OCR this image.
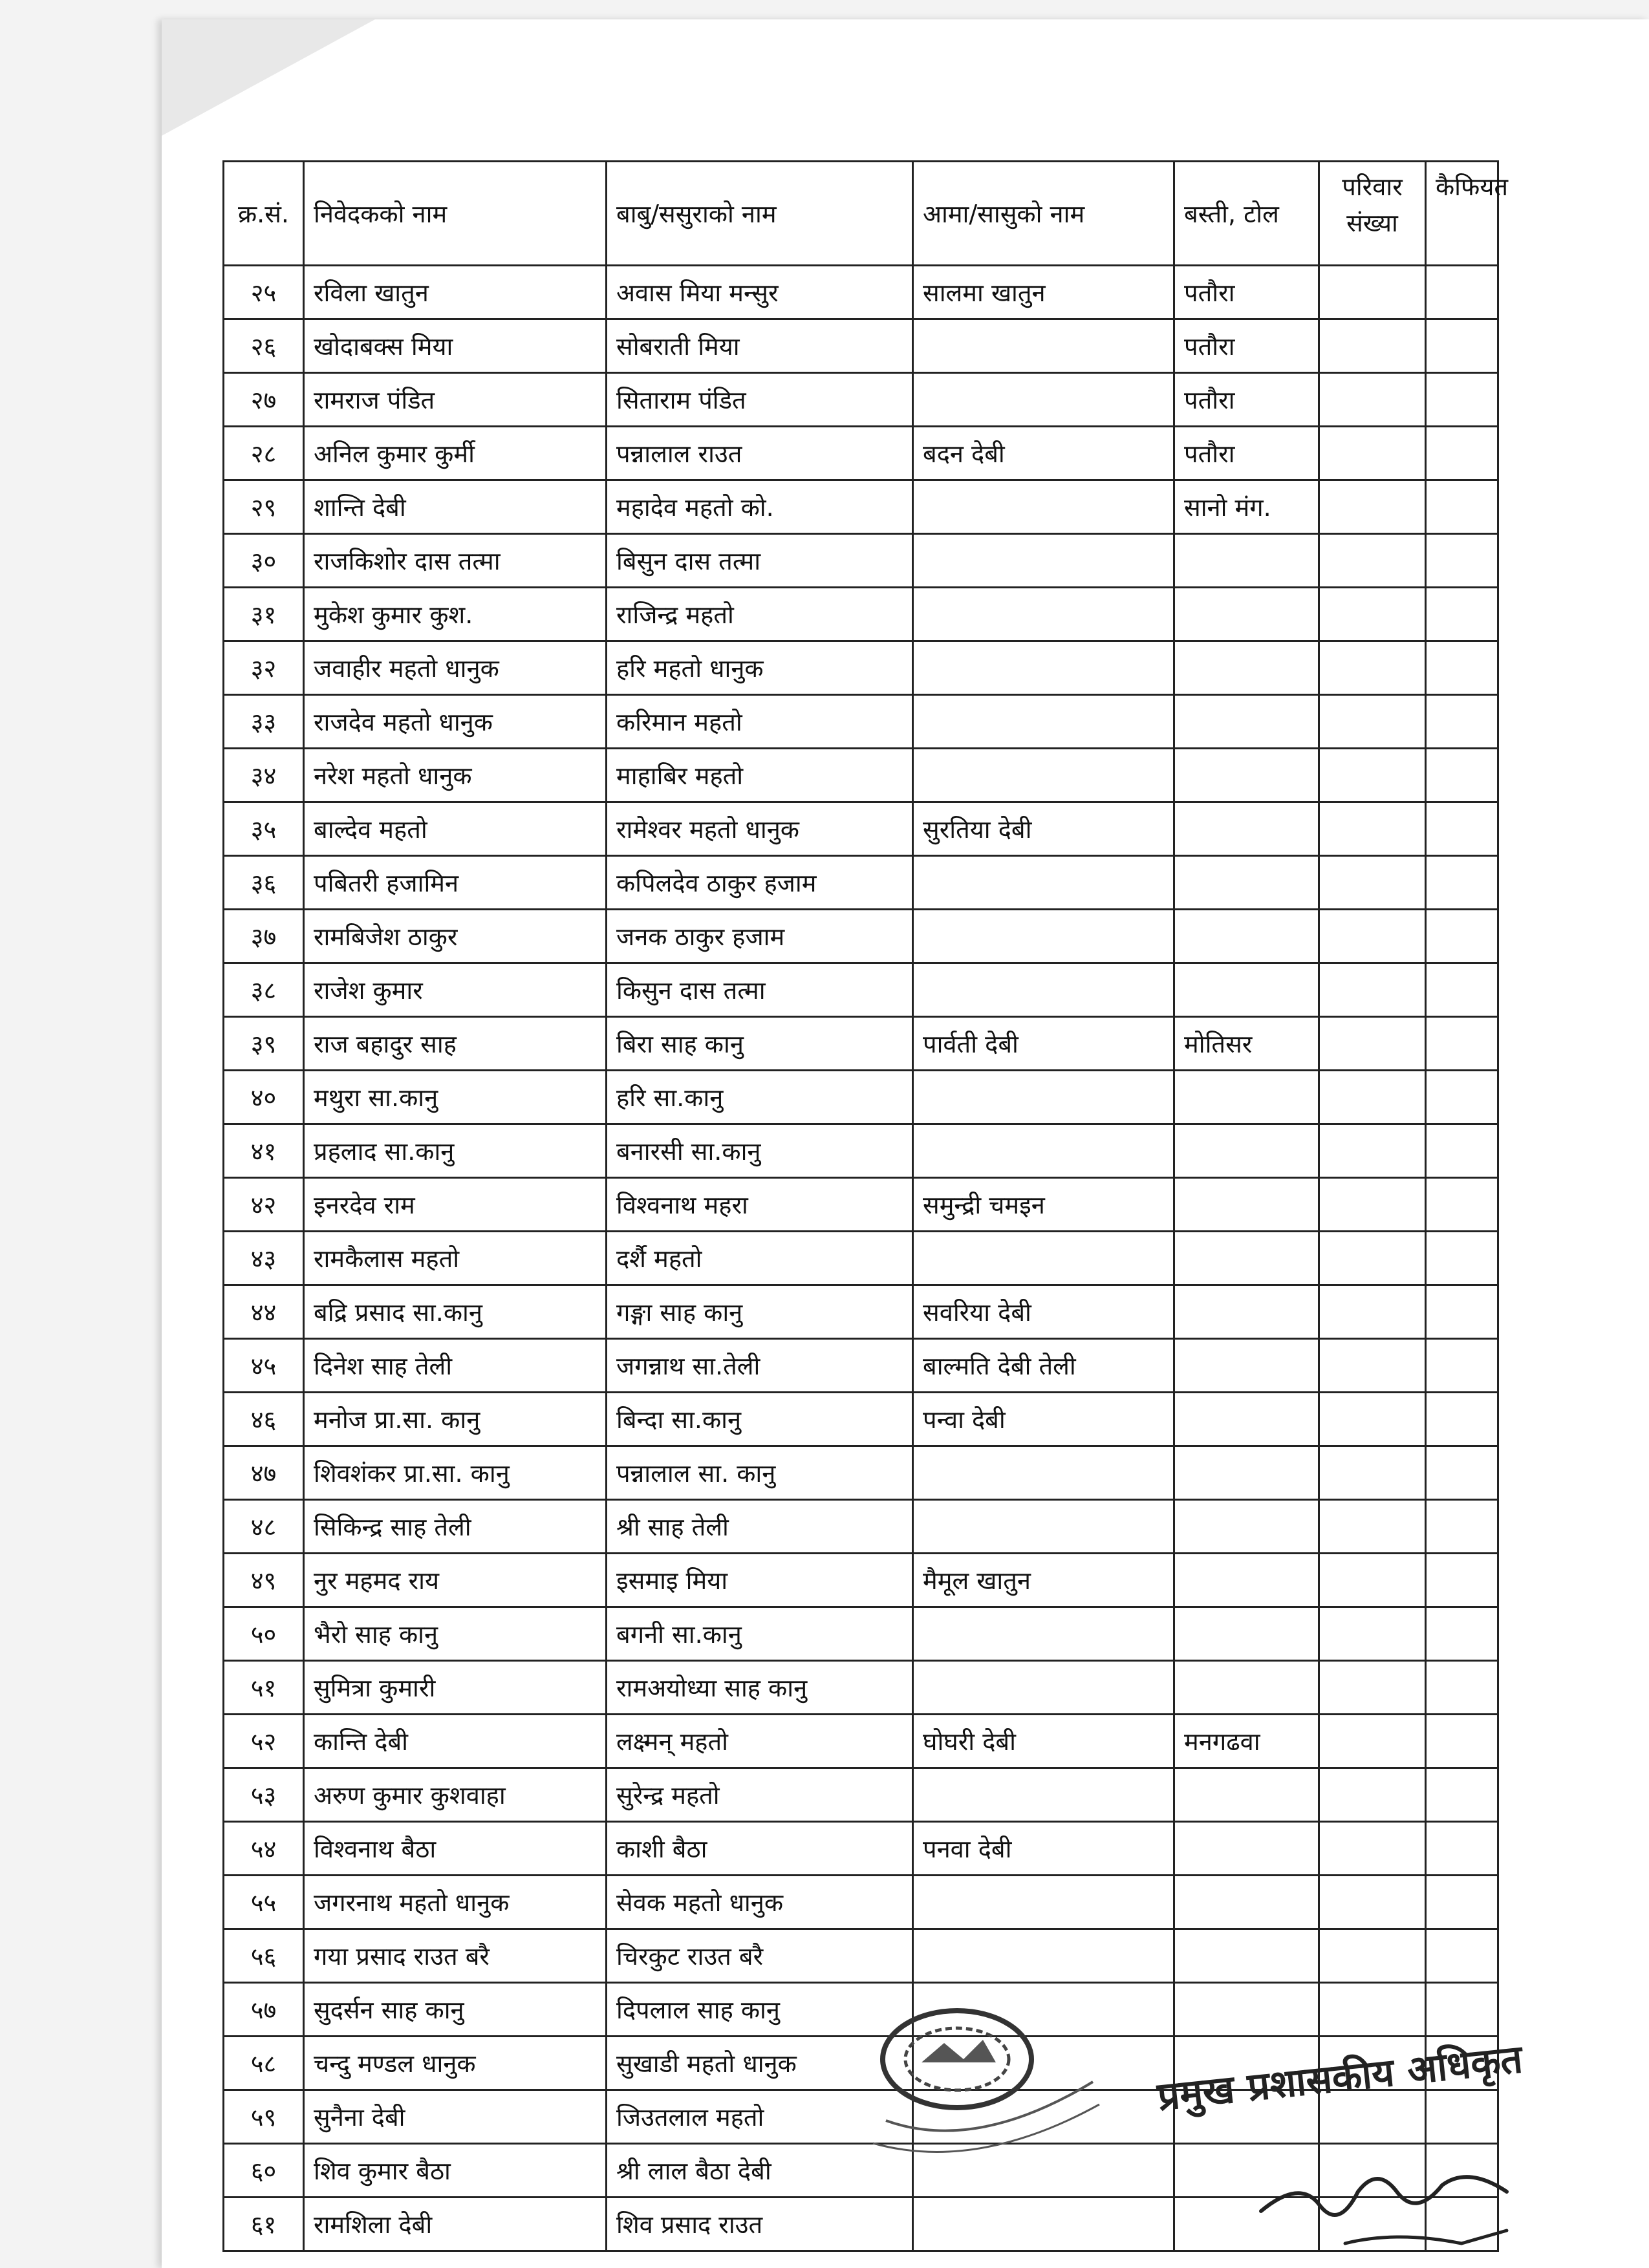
क्र.सं.	निवेदकको नाम	बाबु/ससुराको नाम	आमा/सासुको नाम	बस्ती, टोल	परिवार संख्या	कैफियत
२५	रविला खातुन	अवास मिया मन्सुर	सालमा खातुन	पतौरा		
२६	खोदाबक्स मिया	सोबराती मिया		पतौरा		
२७	रामराज पंडित	सिताराम पंडित		पतौरा		
२८	अनिल कुमार कुर्मी	पन्नालाल राउत	बदन देबी	पतौरा		
२९	शान्ति देबी	महादेव महतो को.		सानो मंग.		
३०	राजकिशोर दास तत्मा	बिसुन दास तत्मा				
३१	मुकेश कुमार कुश.	राजिन्द्र महतो				
३२	जवाहीर महतो धानुक	हरि महतो धानुक				
३३	राजदेव महतो धानुक	करिमान महतो				
३४	नरेश महतो धानुक	माहाबिर महतो				
३५	बाल्देव महतो	रामेश्वर महतो धानुक	सुरतिया देबी			
३६	पबितरी हजामिन	कपिलदेव ठाकुर हजाम				
३७	रामबिजेश ठाकुर	जनक ठाकुर हजाम				
३८	राजेश कुमार	किसुन दास तत्मा				
३९	राज बहादुर साह	बिरा साह कानु	पार्वती देबी	मोतिसर		
४०	मथुरा सा.कानु	हरि सा.कानु				
४१	प्रहलाद सा.कानु	बनारसी सा.कानु				
४२	इनरदेव राम	विश्वनाथ महरा	समुन्द्री चमइन			
४३	रामकैलास महतो	दर्शै महतो				
४४	बद्रि प्रसाद सा.कानु	गङ्गा साह कानु	सवरिया देबी			
४५	दिनेश साह तेली	जगन्नाथ सा.तेली	बाल्मति देबी तेली			
४६	मनोज प्रा.सा. कानु	बिन्दा सा.कानु	पन्वा देबी			
४७	शिवशंकर प्रा.सा. कानु	पन्नालाल सा. कानु				
४८	सिकिन्द्र साह तेली	श्री साह तेली				
४९	नुर महमद राय	इसमाइ मिया	मैमूल खातुन			
५०	भैरो साह कानु	बगनी सा.कानु				
५१	सुमित्रा कुमारी	रामअयोध्या साह कानु				
५२	कान्ति देबी	लक्ष्मन् महतो	घोघरी देबी	मनगढवा		
५३	अरुण कुमार कुशवाहा	सुरेन्द्र महतो				
५४	विश्वनाथ बैठा	काशी बैठा	पनवा देबी			
५५	जगरनाथ महतो धानुक	सेवक महतो धानुक				
५६	गया प्रसाद राउत बरै	चिरकुट राउत बरै				
५७	सुदर्सन साह कानु	दिपलाल साह कानु				
५८	चन्दु मण्डल धानुक	सुखाडी महतो धानुक				
५९	सुनैना देबी	जिउतलाल महतो				
६०	शिव कुमार बैठा	श्री लाल बैठा देबी				
६१	रामशिला देबी	शिव प्रसाद राउत				
प्रमुख प्रशासकीय अधिकृत
